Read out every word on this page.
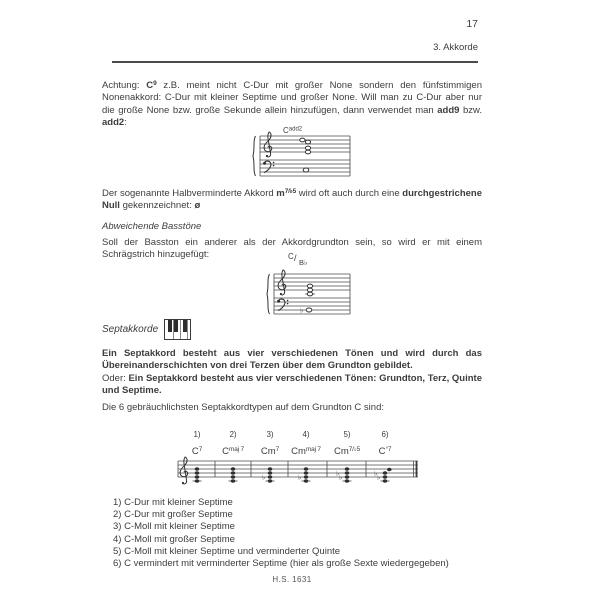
17
3. Akkorde
Achtung: $C^9$ z.B. meint nicht C-Dur mit großer None sondern den fünfstimmigen Nonenakkord: C-Dur mit kleiner Septime und großer None. Will man zu C-Dur aber nur die große None bzw. große Sekunde allein hinzufügen, dann verwendet man add9 bzw. add2:
Cadd2
Der sogenannte Halbverminderte Akkord $m^{7/♭5}$ wird oft auch durch eine durchgestrichene Null gekennzeichnet: ø
Abweichende Basstöne
Soll der Basston ein anderer als der Akkordgrundton sein, so wird er mit einem Schrägstrich hinzugefügt:	C / B♭
♭
Septakkorde
Ein Septakkord besteht aus vier verschiedenen Tönen und wird durch das Übereinanderschichten von drei Terzen über dem Grundton gebildet.
Oder: Ein Septakkord besteht aus vier verschiedenen Tönen: Grundton, Terz, Quinte und Septime.
Die 6 gebräuchlichsten Septakkordtypen auf dem Grundton C sind:
1)	2)	3)	4)	5)	6)
$C^7$ $C^{maj 7}$ Cm$^7$ $Cm^{maj 7}$ $Cm^{7/♭5}$ $C^{^\circ 7}$
♭	♭	♭ ♭	♭ ♭
1) C-Dur mit kleiner Septime
2) C-Dur mit großer Septime
3) C-Moll mit kleiner Septime
4) C-Moll mit großer Septime
5) C-Moll mit kleiner Septime und verminderter Quinte
6) C vermindert mit verminderter Septime (hier als große Sexte wiedergegeben)
H.S. 1631
